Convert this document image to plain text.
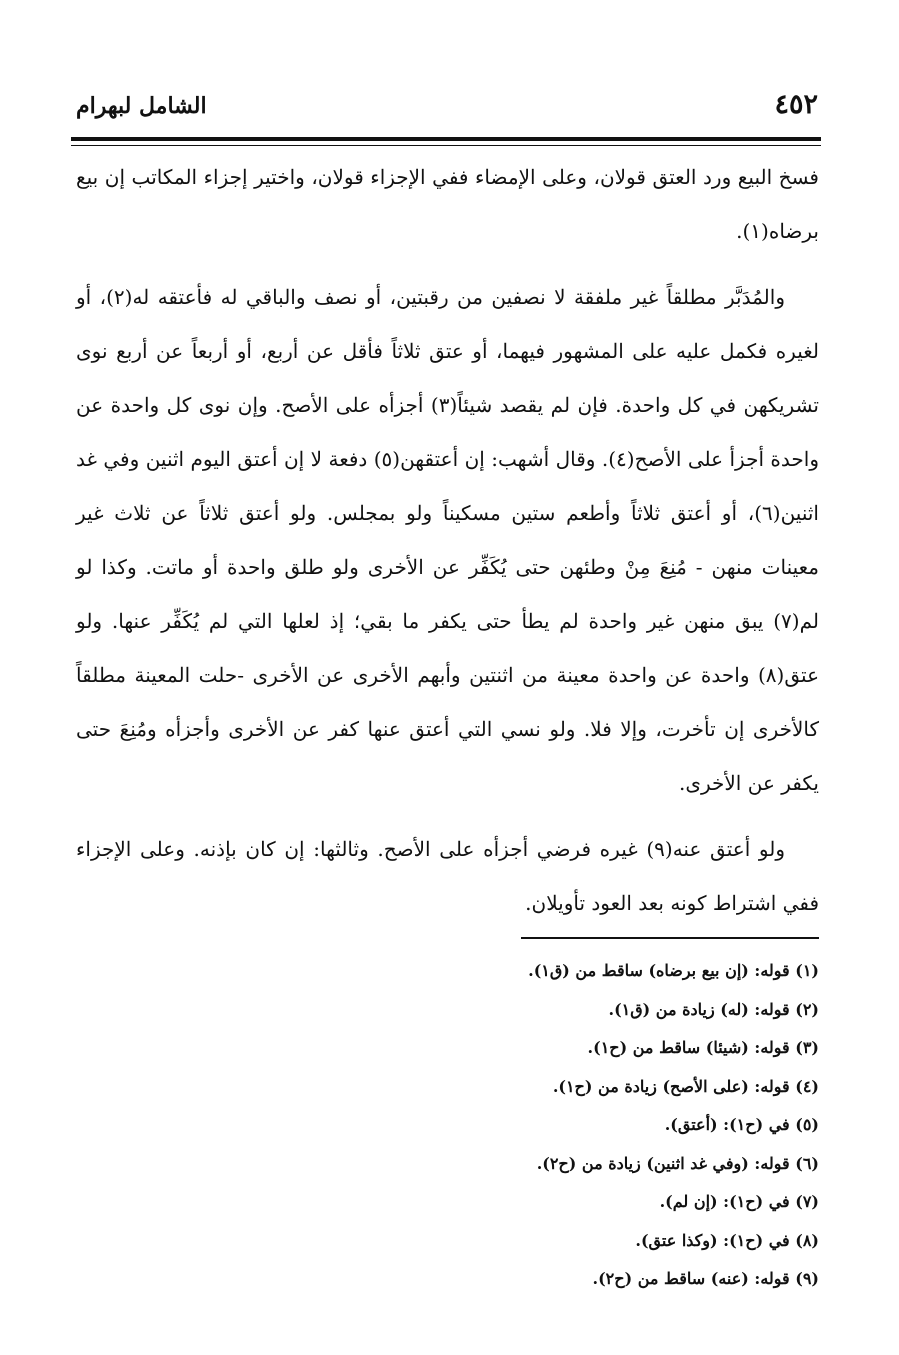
الشامل لبهرام	٤٥٢

فسخ البيع ورد العتق قولان، وعلى الإمضاء ففي الإجزاء قولان، واختير إجزاء المكاتب إن بيع برضاه(١).

والمُدَبَّر مطلقاً غير ملفقة لا نصفين من رقبتين، أو نصف والباقي له فأعتقه له(٢)، أو لغيره فكمل عليه على المشهور فيهما، أو عتق ثلاثاً فأقل عن أربع، أو أربعاً عن أربع نوى تشريكهن في كل واحدة. فإن لم يقصد شيئاً(٣) أجزأه على الأصح. وإن نوى كل واحدة عن واحدة أجزأ على الأصح(٤). وقال أشهب: إن أعتقهن(٥) دفعة لا إن أعتق اليوم اثنين وفي غد اثنين(٦)، أو أعتق ثلاثاً وأطعم ستين مسكيناً ولو بمجلس. ولو أعتق ثلاثاً عن ثلاث غير معينات منهن - مُنِعَ مِنْ وطئهن حتى يُكَفِّر عن الأخرى ولو طلق واحدة أو ماتت. وكذا لو لم(٧) يبق منهن غير واحدة لم يطأ حتى يكفر ما بقي؛ إذ لعلها التي لم يُكَفِّر عنها. ولو عتق(٨) واحدة عن واحدة معينة من اثنتين وأبهم الأخرى عن الأخرى -حلت المعينة مطلقاً كالأخرى إن تأخرت، وإلا فلا. ولو نسي التي أعتق عنها كفر عن الأخرى وأجزأه ومُنِعَ حتى يكفر عن الأخرى.

ولو أعتق عنه(٩) غيره فرضي أجزأه على الأصح. وثالثها: إن كان بإذنه. وعلى الإجزاء ففي اشتراط كونه بعد العود تأويلان.

(١) قوله: (إن بيع برضاه) ساقط من (ق١).
(٢) قوله: (له) زيادة من (ق١).
(٣) قوله: (شيئا) ساقط من (ح١).
(٤) قوله: (على الأصح) زيادة من (ح١).
(٥) في (ح١): (أعتق).
(٦) قوله: (وفي غد اثنين) زيادة من (ح٢).
(٧) في (ح١): (إن لم).
(٨) في (ح١): (وكذا عتق).
(٩) قوله: (عنه) ساقط من (ح٢).
